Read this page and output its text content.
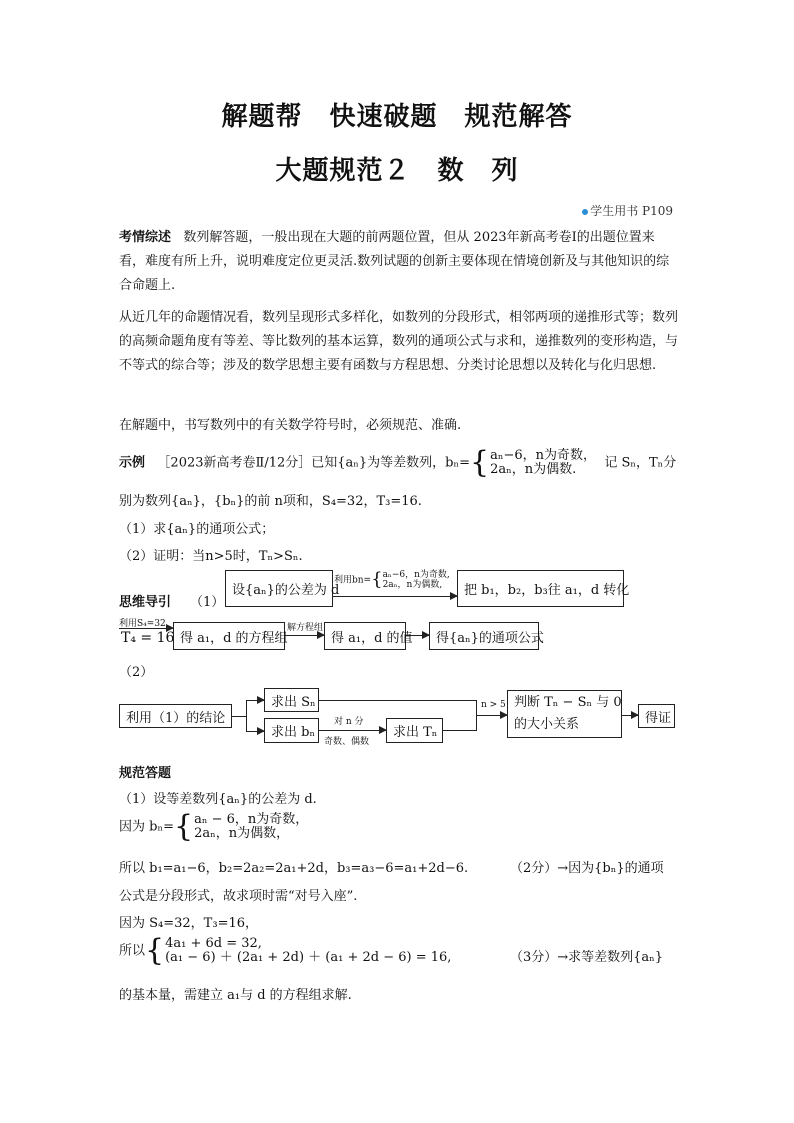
解题帮　快速破题　规范解答
大题规范２　数　列
学生用书 P109
考情综述 数列解答题，一般出现在大题的前两题位置，但从 2023年新高考卷Ⅰ的出题位置来看，难度有所上升，说明难度定位更灵活.数列试题的创新主要体现在情境创新及与其他知识的综合命题上.
从近几年的命题情况看，数列呈现形式多样化，如数列的分段形式，相邻两项的递推形式等；数列的高频命题角度有等差、等比数列的基本运算，数列的通项公式与求和，递推数列的变形构造，与不等式的综合等；涉及的数学思想主要有函数与方程思想、分类讨论思想以及转化与化归思想.
在解题中，书写数列中的有关数学符号时，必须规范、准确.
示例 ［2023新高考卷Ⅱ/12分］已知{aₙ}为等差数列，bₙ={aₙ−6，n为奇数，
2aₙ，n为偶数. 记 Sₙ，Tₙ分
别为数列{aₙ}，{bₙ}的前 n项和，S₄=32，T₃=16.
（1）求{aₙ}的通项公式；
（2）证明：当n>5时，Tₙ>Sₙ.
思维导引 （1）
设{aₙ}的公差为 d
利用bn={aₙ−6，n为奇数,
2aₙ，n为偶数,	把 b₁，b₂，b₃往 a₁，d 转化
利用S₄=32
T₄ = 16 得 a₁，d 的方程组
解方程组
得 a₁，d 的值 得{aₙ}的通项公式
（2）
利用（1）的结论
求出 Sₙ
求出 bₙ
对 n 分
奇数、偶数
求出 Tₙ
n > 5 判断 Tₙ − Sₙ 与 0
的大小关系	得证
规范答题
（1）设等差数列{aₙ}的公差为 d.
因为 bₙ={aₙ − 6，n为奇数，
2aₙ，n为偶数，
所以 b₁=a₁−6，b₂=2a₂=2a₁+2d，b₃=a₃−6=a₁+2d−6.	（2分）→因为{bₙ}的通项
公式是分段形式，故求项时需“对号入座”.
因为 S₄=32，T₃=16，
所以{4a₁ + 6d = 32,
(a₁ − 6) ＋ (2a₁ + 2d) ＋ (a₁ + 2d − 6) = 16,	（3分）→求等差数列{aₙ}
的基本量，需建立 a₁与 d 的方程组求解.
